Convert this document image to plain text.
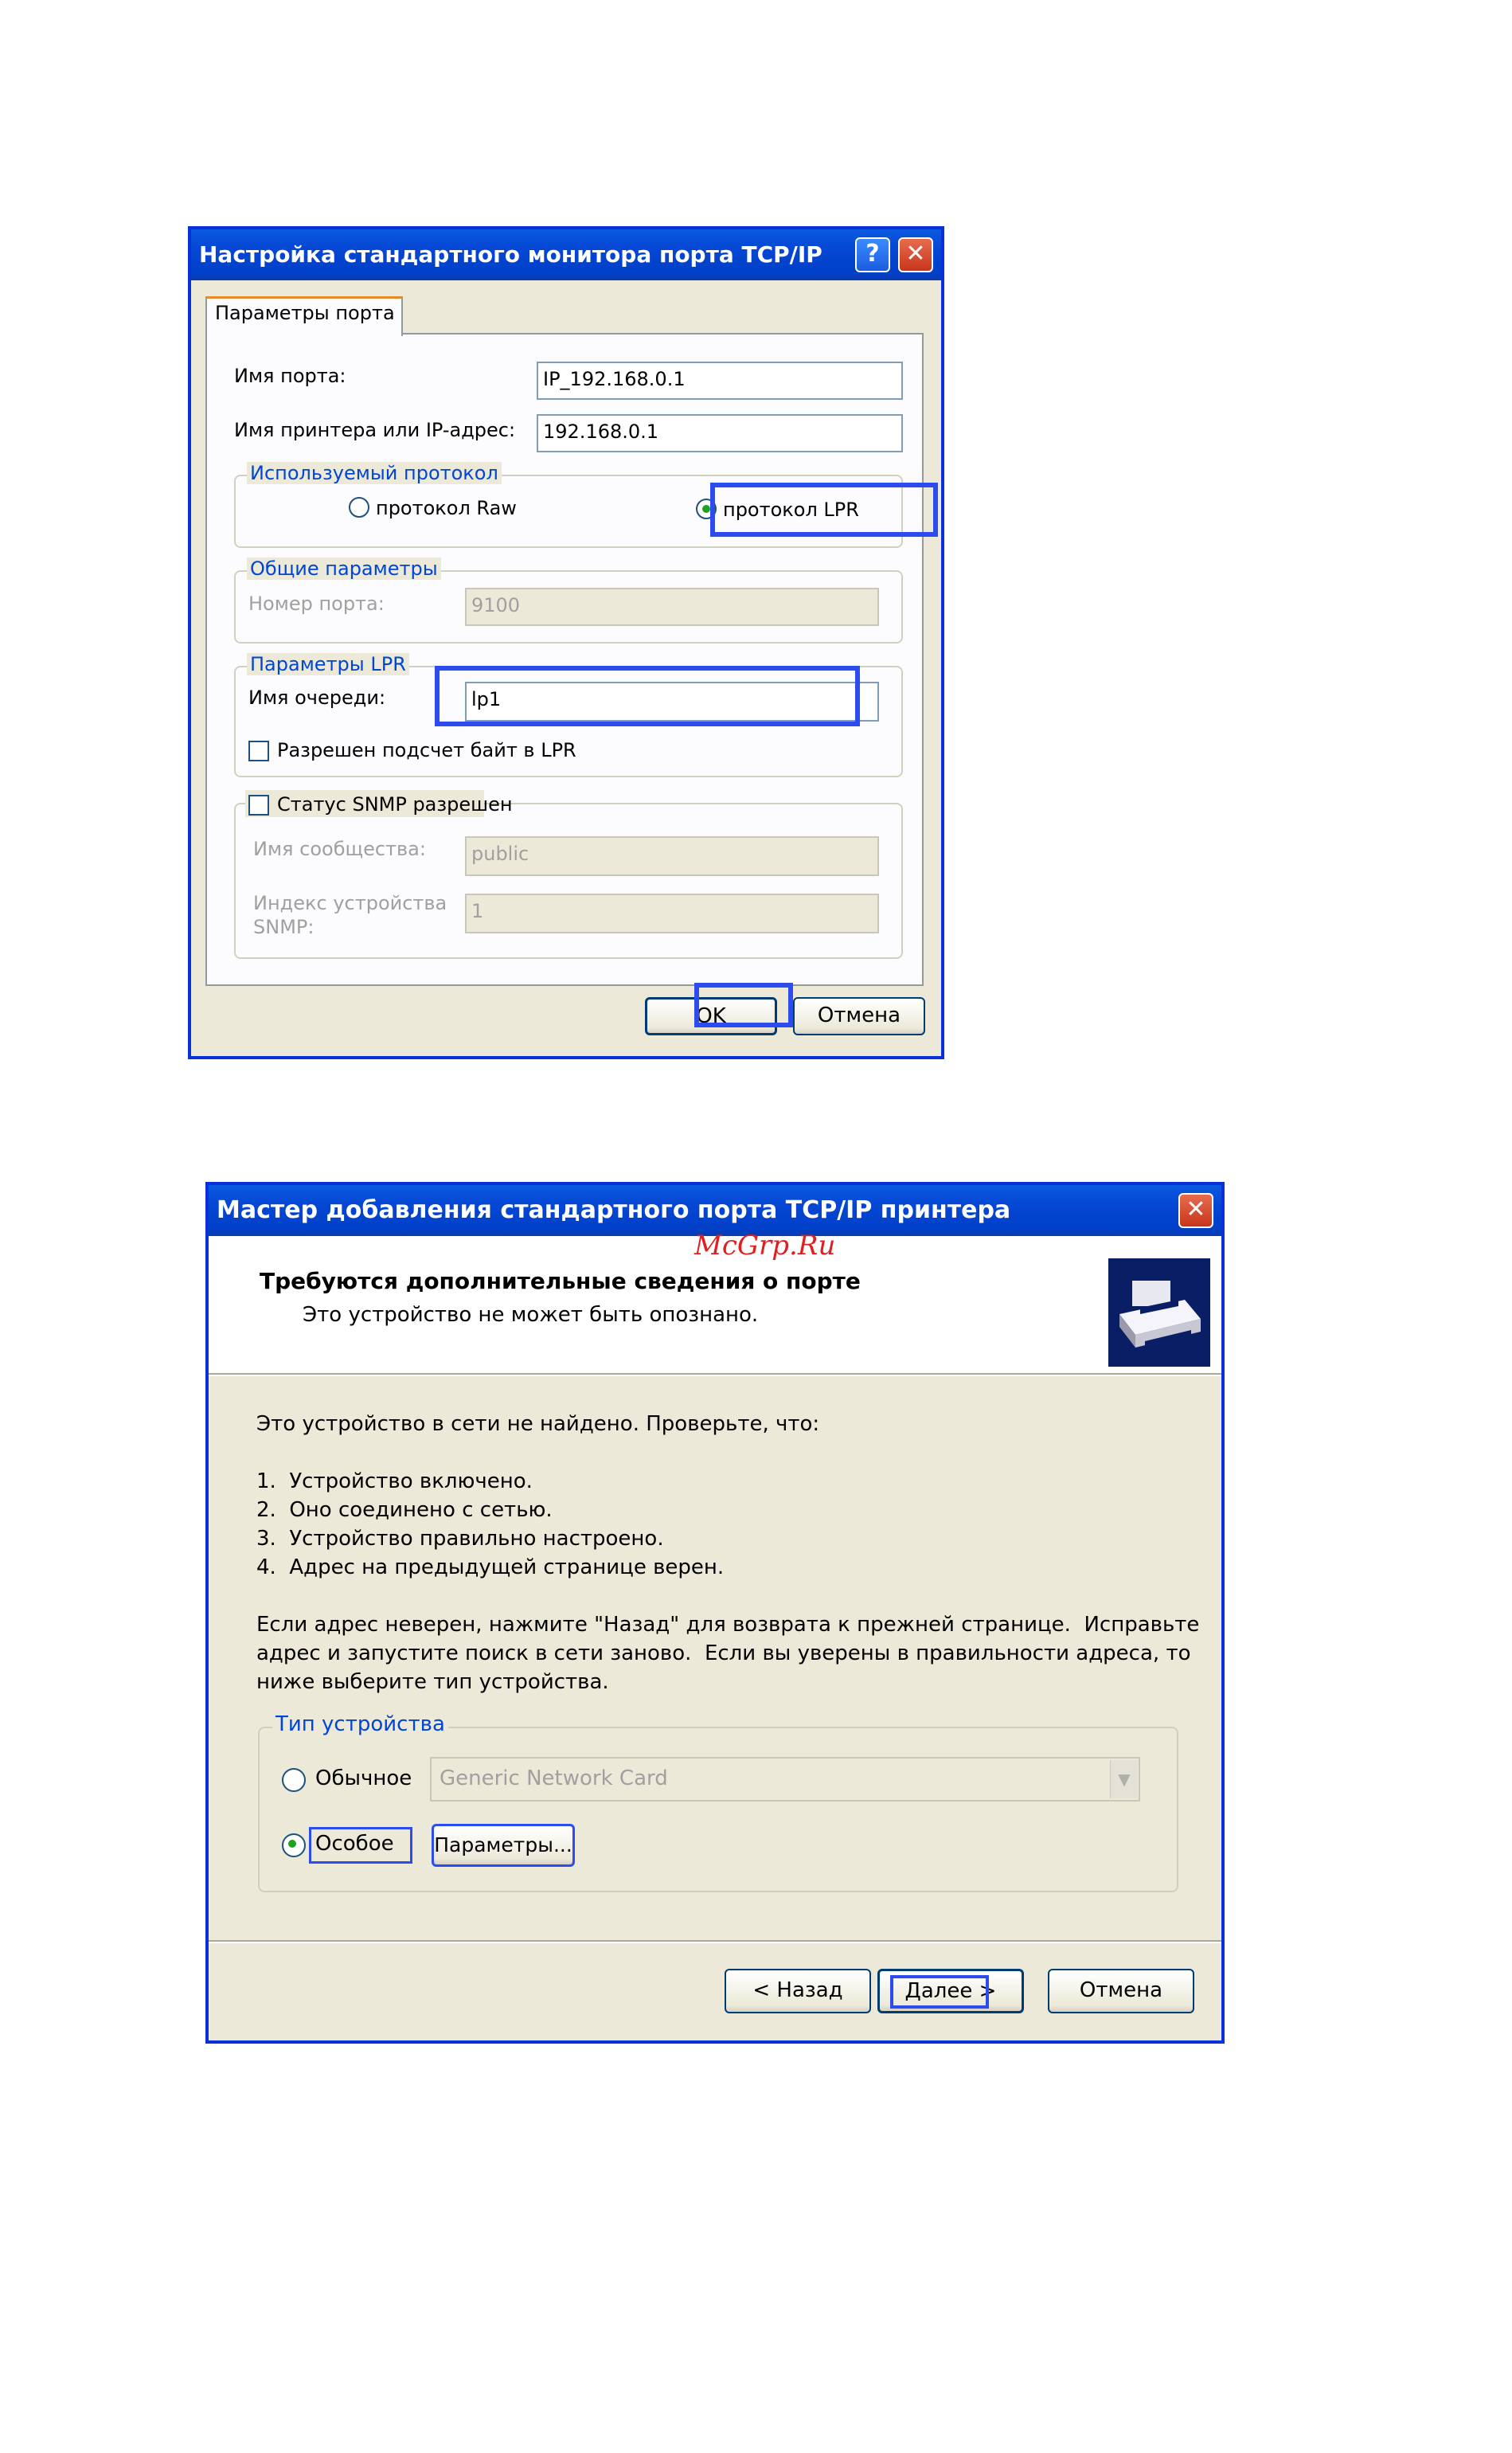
Настройка стандартного монитора порта TCP/IP	?	✕
Параметры порта
Имя порта:	IP_192.168.0.1
Имя принтера или IP-адрес:	192.168.0.1
Используемый протокол
протокол Raw	протокол LPR
Общие параметры
Номер порта:	9100
Параметры LPR
Имя очереди:	lp1
Разрешен подсчет байт в LPR
Статус SNMP разрешен
Имя сообщества:	public
Индекс устройства
SNMP:
1
OK	Отмена
Мастер добавления стандартного порта TCP/IP принтера	✕
McGrp.Ru
Требуются дополнительные сведения о порте
Это устройство не может быть опознано.
Это устройство в сети не найдено. Проверьте, что:
1.  Устройство включено.
2.  Оно соединено с сетью.
3.  Устройство правильно настроено.
4.  Адрес на предыдущей странице верен.
Если адрес неверен, нажмите "Назад" для возврата к прежней странице.  Исправьте
адрес и запустите поиск в сети заново.  Если вы уверены в правильности адреса, то
ниже выберите тип устройства.
Тип устройства
Обычное	Generic Network Card	▼
Особое Параметры...
< Назад	Далее >	Отмена
